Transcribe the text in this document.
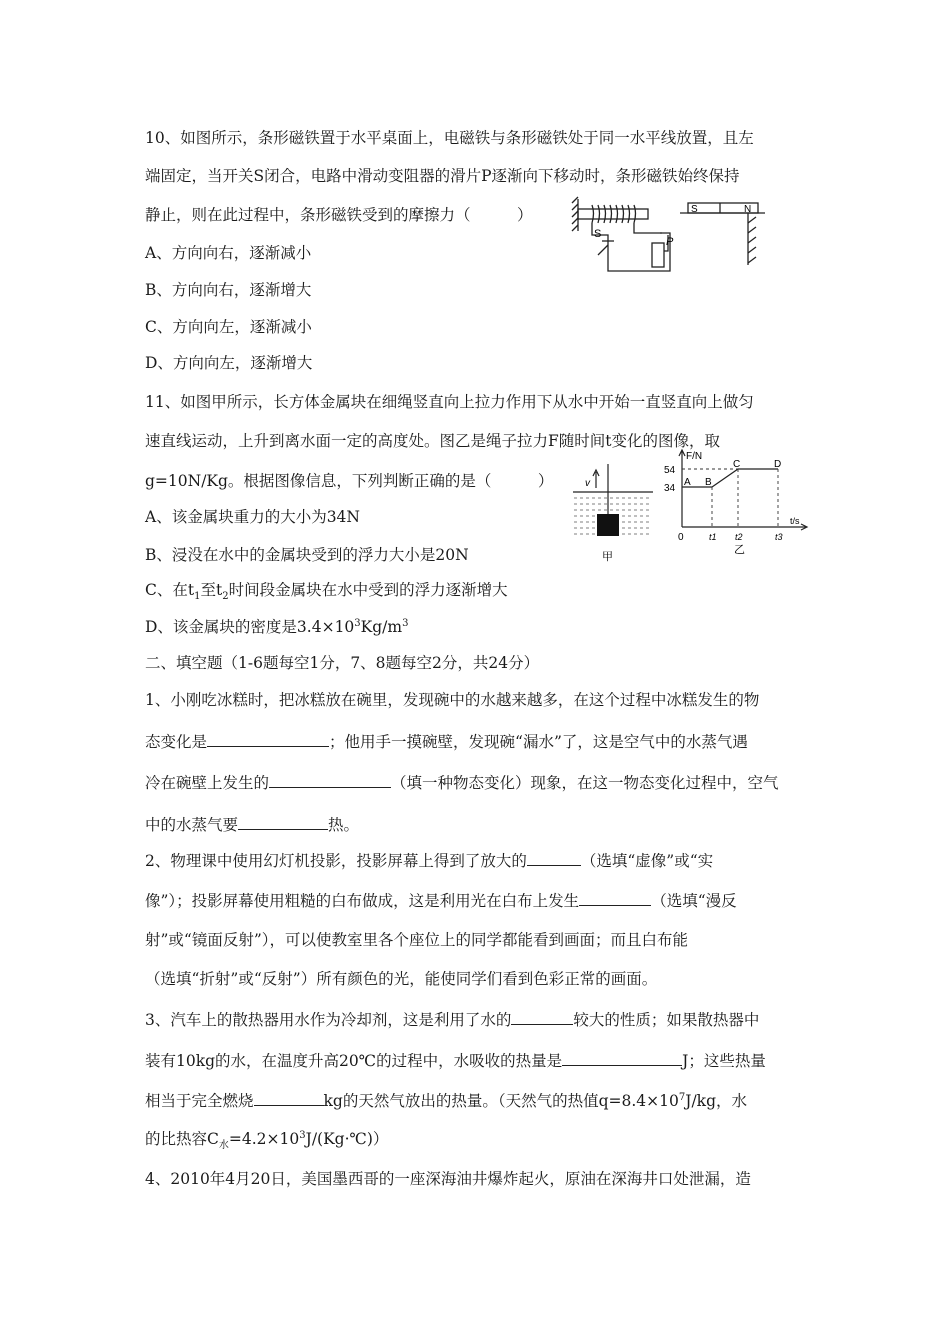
10、如图所示，条形磁铁置于水平桌面上，电磁铁与条形磁铁处于同一水平线放置，且左
端固定，当开关S闭合，电路中滑动变阻器的滑片P逐渐向下移动时，条形磁铁始终保持
静止，则在此过程中，条形磁铁受到的摩擦力（　　　）
A、方向向右，逐渐减小
B、方向向右，逐渐增大
C、方向向左，逐渐减小
D、方向向左，逐渐增大
S
P
S	N
11、如图甲所示，长方体金属块在细绳竖直向上拉力作用下从水中开始一直竖直向上做匀
速直线运动，上升到离水面一定的高度处。图乙是绳子拉力F随时间t变化的图像，取
g=10N/Kg。根据图像信息，下列判断正确的是（　　　）
A、该金属块重力的大小为34N
B、浸没在水中的金属块受到的浮力大小是20N
C、在$t_1$至$t_2$时间段金属块在水中受到的浮力逐渐增大
D、该金属块的密度是$3.4\times 10^3Kg/m^3$
v
甲
F/N
t/s
54
34
A B
C	D
0	t1 t2	t3
乙
二、填空题（1-6题每空1分，7、8题每空2分，共24分）
1、小刚吃冰糕时，把冰糕放在碗里，发现碗中的水越来越多，在这个过程中冰糕发生的物
态变化是	；他用手一摸碗壁，发现碗“漏水”了，这是空气中的水蒸气遇
冷在碗壁上发生的	（填一种物态变化）现象，在这一物态变化过程中，空气
中的水蒸气要	热。
2、物理课中使用幻灯机投影，投影屏幕上得到了放大的	（选填“虚像”或“实
像”）；投影屏幕使用粗糙的白布做成，这是利用光在白布上发生	（选填“漫反
射”或“镜面反射”），可以使教室里各个座位上的同学都能看到画面；而且白布能
（选填“折射”或“反射”）所有颜色的光，能使同学们看到色彩正常的画面。
3、汽车上的散热器用水作为冷却剂，这是利用了水的	较大的性质；如果散热器中
装有10kg的水，在温度升高20℃的过程中，水吸收的热量是	J；这些热量
相当于完全燃烧	kg的天然气放出的热量。（天然气的热值$q=8.4\times 10^7J/kg$，水
的比热容$C_水=4.2\times 10^3J/(Kg\cdot℃)$）
4、2010年4月20日，美国墨西哥的一座深海油井爆炸起火，原油在深海井口处泄漏，造
